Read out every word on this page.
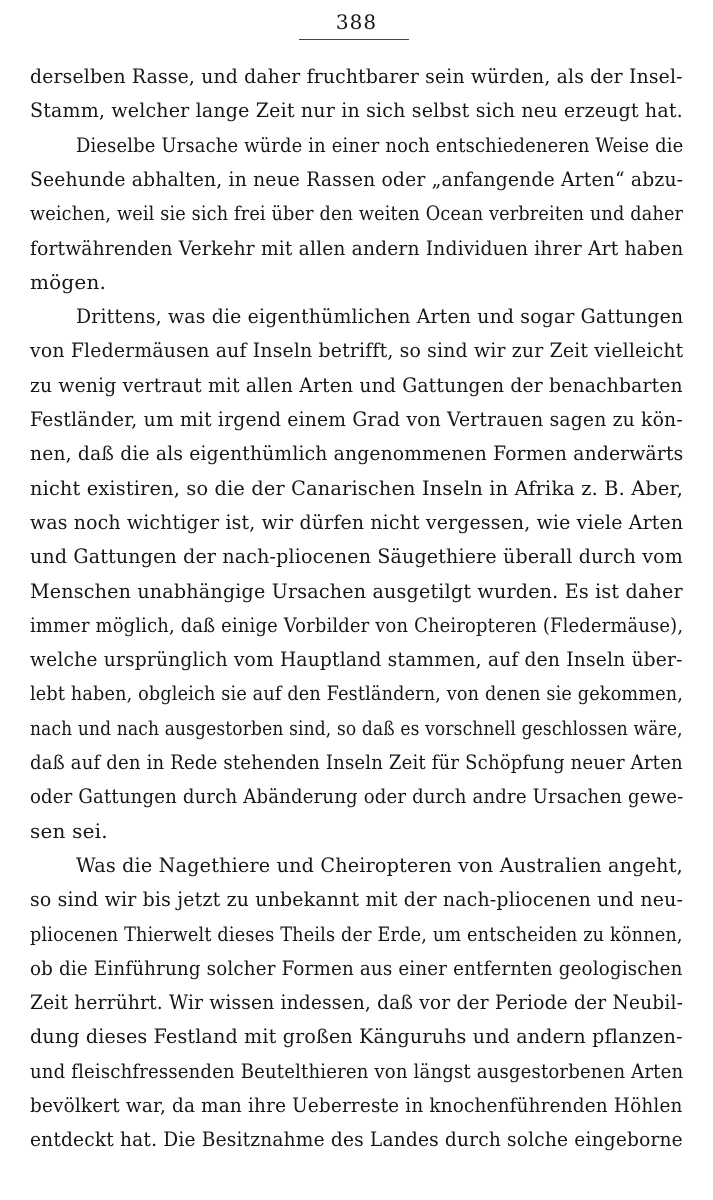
388
derselben Rasse, und daher fruchtbarer sein würden, als der Insel-
Stamm, welcher lange Zeit nur in sich selbst sich neu erzeugt hat.
Dieselbe Ursache würde in einer noch entschiedeneren Weise die
Seehunde abhalten, in neue Rassen oder „anfangende Arten“ abzu-
weichen, weil sie sich frei über den weiten Ocean verbreiten und daher
fortwährenden Verkehr mit allen andern Individuen ihrer Art haben
mögen.
Drittens, was die eigenthümlichen Arten und sogar Gattungen
von Fledermäusen auf Inseln betrifft, so sind wir zur Zeit vielleicht
zu wenig vertraut mit allen Arten und Gattungen der benachbarten
Festländer, um mit irgend einem Grad von Vertrauen sagen zu kön-
nen, daß die als eigenthümlich angenommenen Formen anderwärts
nicht existiren, so die der Canarischen Inseln in Afrika z. B. Aber,
was noch wichtiger ist, wir dürfen nicht vergessen, wie viele Arten
und Gattungen der nach-pliocenen Säugethiere überall durch vom
Menschen unabhängige Ursachen ausgetilgt wurden. Es ist daher
immer möglich, daß einige Vorbilder von Cheiropteren (Fledermäuse),
welche ursprünglich vom Hauptland stammen, auf den Inseln über-
lebt haben, obgleich sie auf den Festländern, von denen sie gekommen,
nach und nach ausgestorben sind, so daß es vorschnell geschlossen wäre,
daß auf den in Rede stehenden Inseln Zeit für Schöpfung neuer Arten
oder Gattungen durch Abänderung oder durch andre Ursachen gewe-
sen sei.
Was die Nagethiere und Cheiropteren von Australien angeht,
so sind wir bis jetzt zu unbekannt mit der nach-pliocenen und neu-
pliocenen Thierwelt dieses Theils der Erde, um entscheiden zu können,
ob die Einführung solcher Formen aus einer entfernten geologischen
Zeit herrührt. Wir wissen indessen, daß vor der Periode der Neubil-
dung dieses Festland mit großen Känguruhs und andern pflanzen-
und fleischfressenden Beutelthieren von längst ausgestorbenen Arten
bevölkert war, da man ihre Ueberreste in knochenführenden Höhlen
entdeckt hat. Die Besitznahme des Landes durch solche eingeborne
